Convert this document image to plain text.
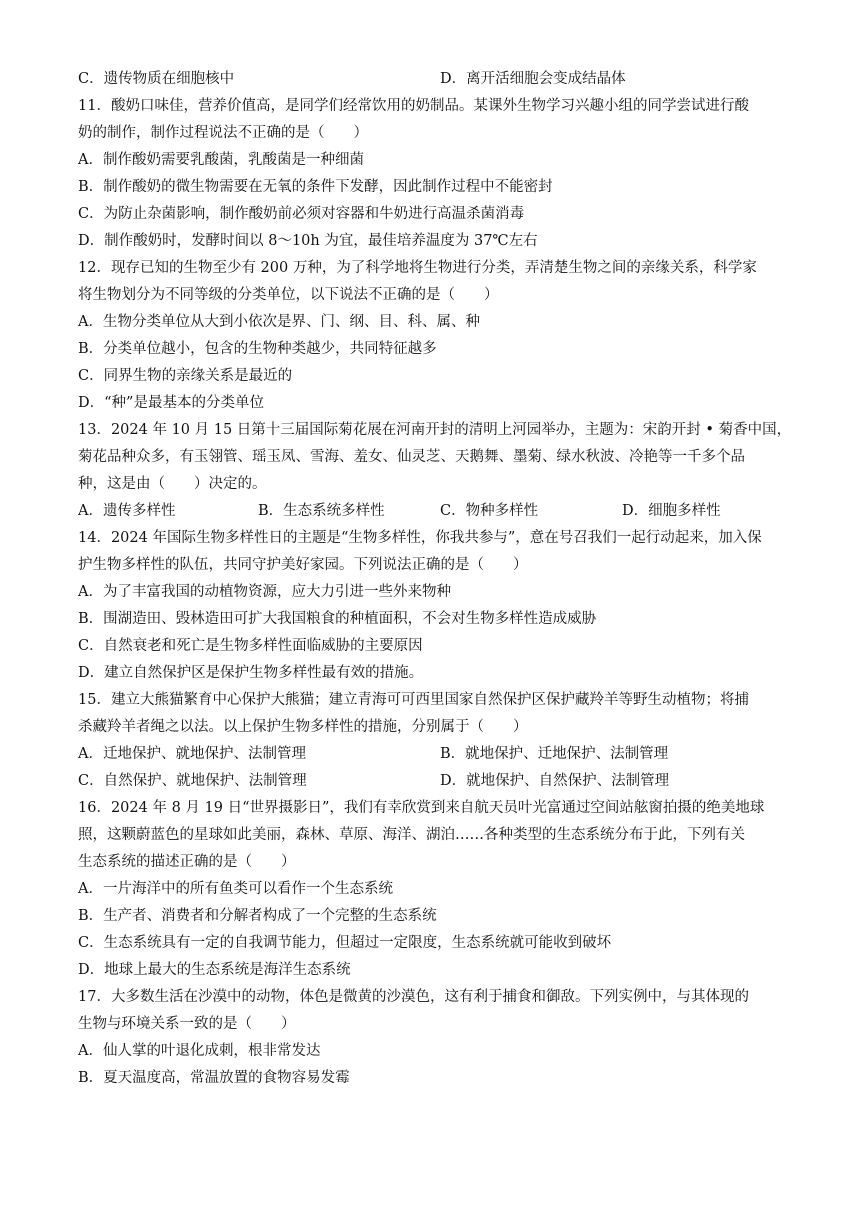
C．遗传物质在细胞核中	D．离开活细胞会变成结晶体
11．酸奶口味佳，营养价值高，是同学们经常饮用的奶制品。某课外生物学习兴趣小组的同学尝试进行酸
奶的制作，制作过程说法不正确的是（　　）
A．制作酸奶需要乳酸菌，乳酸菌是一种细菌
B．制作酸奶的微生物需要在无氧的条件下发酵，因此制作过程中不能密封
C．为防止杂菌影响，制作酸奶前必须对容器和牛奶进行高温杀菌消毒
D．制作酸奶时，发酵时间以 8～10h 为宜，最佳培养温度为 37℃左右
12．现存已知的生物至少有 200 万种，为了科学地将生物进行分类，弄清楚生物之间的亲缘关系，科学家
将生物划分为不同等级的分类单位，以下说法不正确的是（　　）
A．生物分类单位从大到小依次是界、门、纲、目、科、属、种
B．分类单位越小，包含的生物种类越少，共同特征越多
C．同界生物的亲缘关系是最近的
D．“种”是最基本的分类单位
13．2024 年 10 月 15 日第十三届国际菊花展在河南开封的清明上河园举办，主题为：宋韵开封 • 菊香中国，
菊花品种众多，有玉翎管、瑶玉凤、雪海、羞女、仙灵芝、天鹅舞、墨菊、绿水秋波、冷艳等一千多个品
种，这是由（　　）决定的。
A．遗传多样性	B．生态系统多样性	C．物种多样性	D．细胞多样性
14．2024 年国际生物多样性日的主题是“生物多样性，你我共参与”，意在号召我们一起行动起来，加入保
护生物多样性的队伍，共同守护美好家园。下列说法正确的是（　　）
A．为了丰富我国的动植物资源，应大力引进一些外来物种
B．围湖造田、毁林造田可扩大我国粮食的种植面积，不会对生物多样性造成威胁
C．自然衰老和死亡是生物多样性面临威胁的主要原因
D．建立自然保护区是保护生物多样性最有效的措施。
15．建立大熊猫繁育中心保护大熊猫；建立青海可可西里国家自然保护区保护藏羚羊等野生动植物；将捕
杀藏羚羊者绳之以法。以上保护生物多样性的措施，分别属于（　　）
A．迁地保护、就地保护、法制管理	B．就地保护、迁地保护、法制管理
C．自然保护、就地保护、法制管理	D．就地保护、自然保护、法制管理
16．2024 年 8 月 19 日“世界摄影日”，我们有幸欣赏到来自航天员叶光富通过空间站舷窗拍摄的绝美地球
照，这颗蔚蓝色的星球如此美丽，森林、草原、海洋、湖泊……各种类型的生态系统分布于此，下列有关
生态系统的描述正确的是（　　）
A．一片海洋中的所有鱼类可以看作一个生态系统
B．生产者、消费者和分解者构成了一个完整的生态系统
C．生态系统具有一定的自我调节能力，但超过一定限度，生态系统就可能收到破坏
D．地球上最大的生态系统是海洋生态系统
17．大多数生活在沙漠中的动物，体色是微黄的沙漠色，这有利于捕食和御敌。下列实例中，与其体现的
生物与环境关系一致的是（　　）
A．仙人掌的叶退化成刺，根非常发达
B．夏天温度高，常温放置的食物容易发霉
